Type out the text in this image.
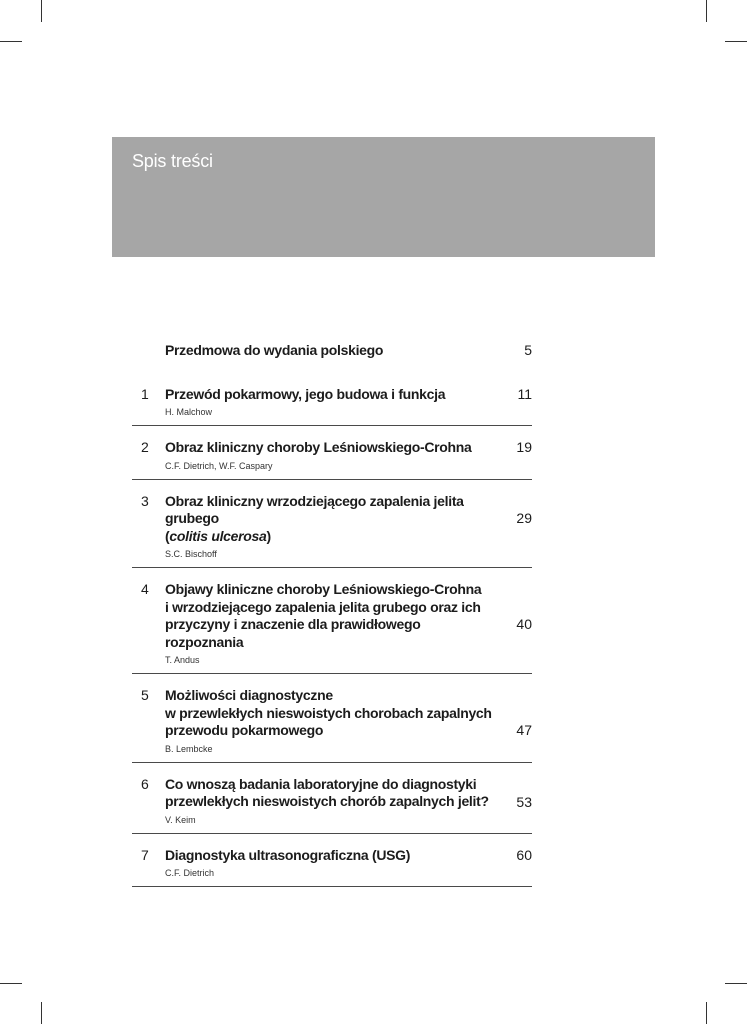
Spis treści
Przedmowa do wydania polskiego	5
1 Przewód pokarmowy, jego budowa i funkcja
H. Malchow
11
2 Obraz kliniczny choroby Leśniowskiego-Crohna
C.F. Dietrich, W.F. Caspary
19
3 Obraz kliniczny wrzodziejącego zapalenia jelita grubego
(colitis ulcerosa)
S.C. Bischoff
29
4 Objawy kliniczne choroby Leśniowskiego-Crohna
i wrzodziejącego zapalenia jelita grubego oraz ich
przyczyny i znaczenie dla prawidłowego rozpoznania
T. Andus
40
5 Możliwości diagnostyczne
w przewlekłych nieswoistych chorobach zapalnych
przewodu pokarmowego
B. Lembcke
47
6 Co wnoszą badania laboratoryjne do diagnostyki
przewlekłych nieswoistych chorób zapalnych jelit?
V. Keim
53
7 Diagnostyka ultrasonograficzna (USG)
C.F. Dietrich
60
